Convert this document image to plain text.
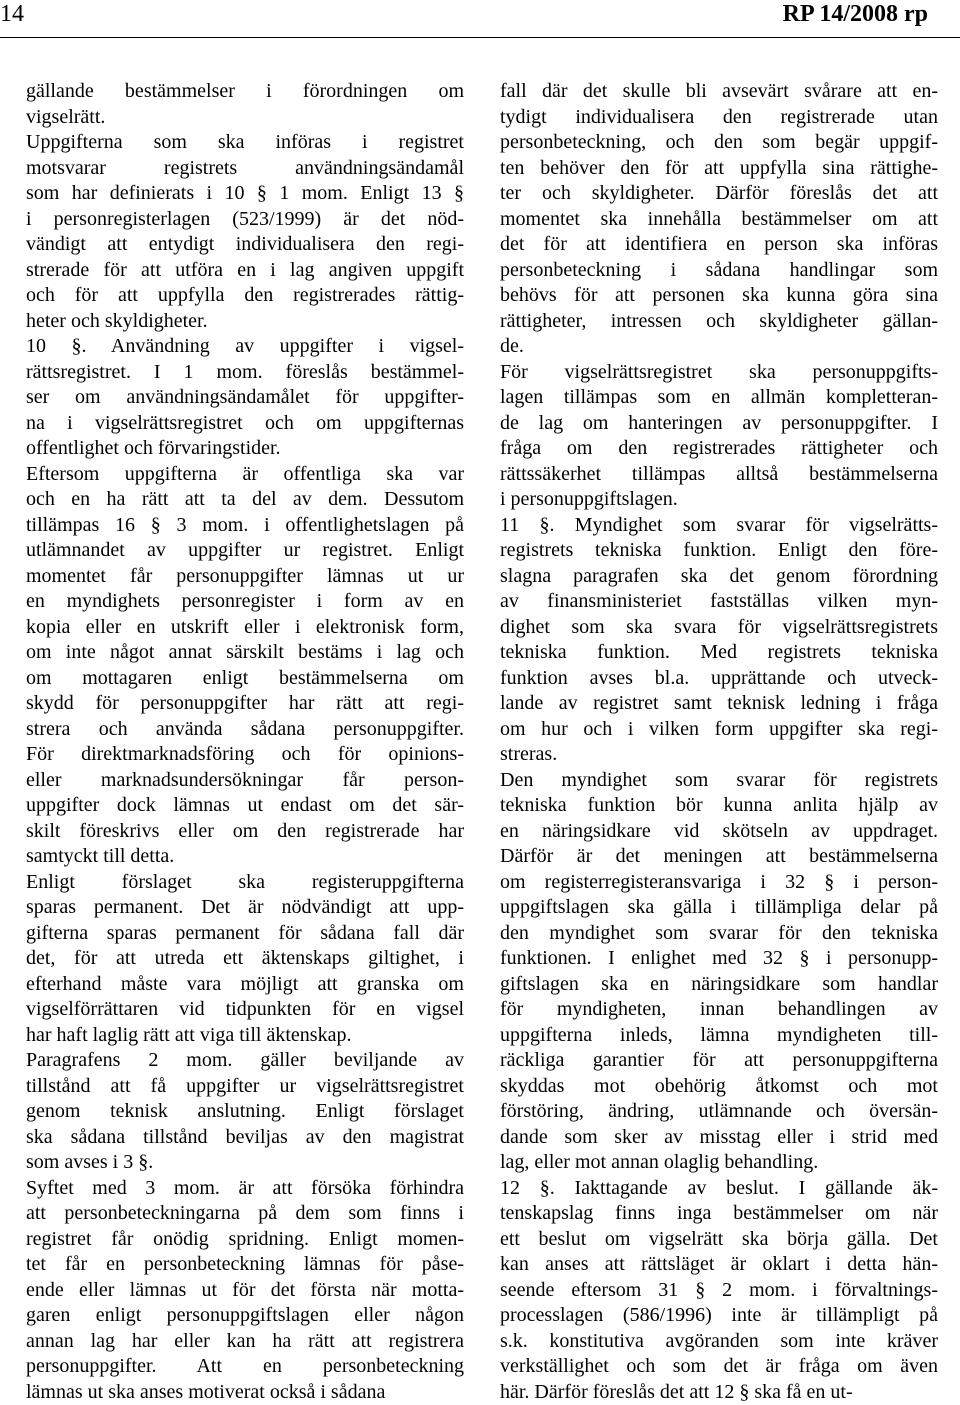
14	RP 14/2008 rp
gällande bestämmelser i förordningen om
vigselrätt.
Uppgifterna som ska införas i registret
motsvarar registrets användningsändamål
som har definierats i 10 § 1 mom. Enligt 13 §
i personregisterlagen (523/1999) är det nöd-
vändigt att entydigt individualisera den regi-
strerade för att utföra en i lag angiven uppgift
och för att uppfylla den registrerades rättig-
heter och skyldigheter.
10 §. Användning av uppgifter i vigsel-
rättsregistret. I 1 mom. föreslås bestämmel-
ser om användningsändamålet för uppgifter-
na i vigselrättsregistret och om uppgifternas
offentlighet och förvaringstider.
Eftersom uppgifterna är offentliga ska var
och en ha rätt att ta del av dem. Dessutom
tillämpas 16 § 3 mom. i offentlighetslagen på
utlämnandet av uppgifter ur registret. Enligt
momentet får personuppgifter lämnas ut ur
en myndighets personregister i form av en
kopia eller en utskrift eller i elektronisk form,
om inte något annat särskilt bestäms i lag och
om mottagaren enligt bestämmelserna om
skydd för personuppgifter har rätt att regi-
strera och använda sådana personuppgifter.
För direktmarknadsföring och för opinions-
eller marknadsundersökningar får person-
uppgifter dock lämnas ut endast om det sär-
skilt föreskrivs eller om den registrerade har
samtyckt till detta.
Enligt förslaget ska registeruppgifterna
sparas permanent. Det är nödvändigt att upp-
gifterna sparas permanent för sådana fall där
det, för att utreda ett äktenskaps giltighet, i
efterhand måste vara möjligt att granska om
vigselförrättaren vid tidpunkten för en vigsel
har haft laglig rätt att viga till äktenskap.
Paragrafens 2 mom. gäller beviljande av
tillstånd att få uppgifter ur vigselrättsregistret
genom teknisk anslutning. Enligt förslaget
ska sådana tillstånd beviljas av den magistrat
som avses i 3 §.
Syftet med 3 mom. är att försöka förhindra
att personbeteckningarna på dem som finns i
registret får onödig spridning. Enligt momen-
tet får en personbeteckning lämnas för påse-
ende eller lämnas ut för det första när motta-
garen enligt personuppgiftslagen eller någon
annan lag har eller kan ha rätt att registrera
personuppgifter. Att en personbeteckning
lämnas ut ska anses motiverat också i sådana
fall där det skulle bli avsevärt svårare att en-
tydigt individualisera den registrerade utan
personbeteckning, och den som begär uppgif-
ten behöver den för att uppfylla sina rättighe-
ter och skyldigheter. Därför föreslås det att
momentet ska innehålla bestämmelser om att
det för att identifiera en person ska införas
personbeteckning i sådana handlingar som
behövs för att personen ska kunna göra sina
rättigheter, intressen och skyldigheter gällan-
de.
För vigselrättsregistret ska personuppgifts-
lagen tillämpas som en allmän kompletteran-
de lag om hanteringen av personuppgifter. I
fråga om den registrerades rättigheter och
rättssäkerhet tillämpas alltså bestämmelserna
i personuppgiftslagen.
11 §. Myndighet som svarar för vigselrätts-
registrets tekniska funktion. Enligt den före-
slagna paragrafen ska det genom förordning
av finansministeriet fastställas vilken myn-
dighet som ska svara för vigselrättsregistrets
tekniska funktion. Med registrets tekniska
funktion avses bl.a. upprättande och utveck-
lande av registret samt teknisk ledning i fråga
om hur och i vilken form uppgifter ska regi-
streras.
Den myndighet som svarar för registrets
tekniska funktion bör kunna anlita hjälp av
en näringsidkare vid skötseln av uppdraget.
Därför är det meningen att bestämmelserna
om registerregisteransvariga i 32 § i person-
uppgiftslagen ska gälla i tillämpliga delar på
den myndighet som svarar för den tekniska
funktionen. I enlighet med 32 § i personupp-
giftslagen ska en näringsidkare som handlar
för myndigheten, innan behandlingen av
uppgifterna inleds, lämna myndigheten till-
räckliga garantier för att personuppgifterna
skyddas mot obehörig åtkomst och mot
förstöring, ändring, utlämnande och översän-
dande som sker av misstag eller i strid med
lag, eller mot annan olaglig behandling.
12 §. Iakttagande av beslut. I gällande äk-
tenskapslag finns inga bestämmelser om när
ett beslut om vigselrätt ska börja gälla. Det
kan anses att rättsläget är oklart i detta hän-
seende eftersom 31 § 2 mom. i förvaltnings-
processlagen (586/1996) inte är tillämpligt på
s.k. konstitutiva avgöranden som inte kräver
verkställighet och som det är fråga om även
här. Därför föreslås det att 12 § ska få en ut-
